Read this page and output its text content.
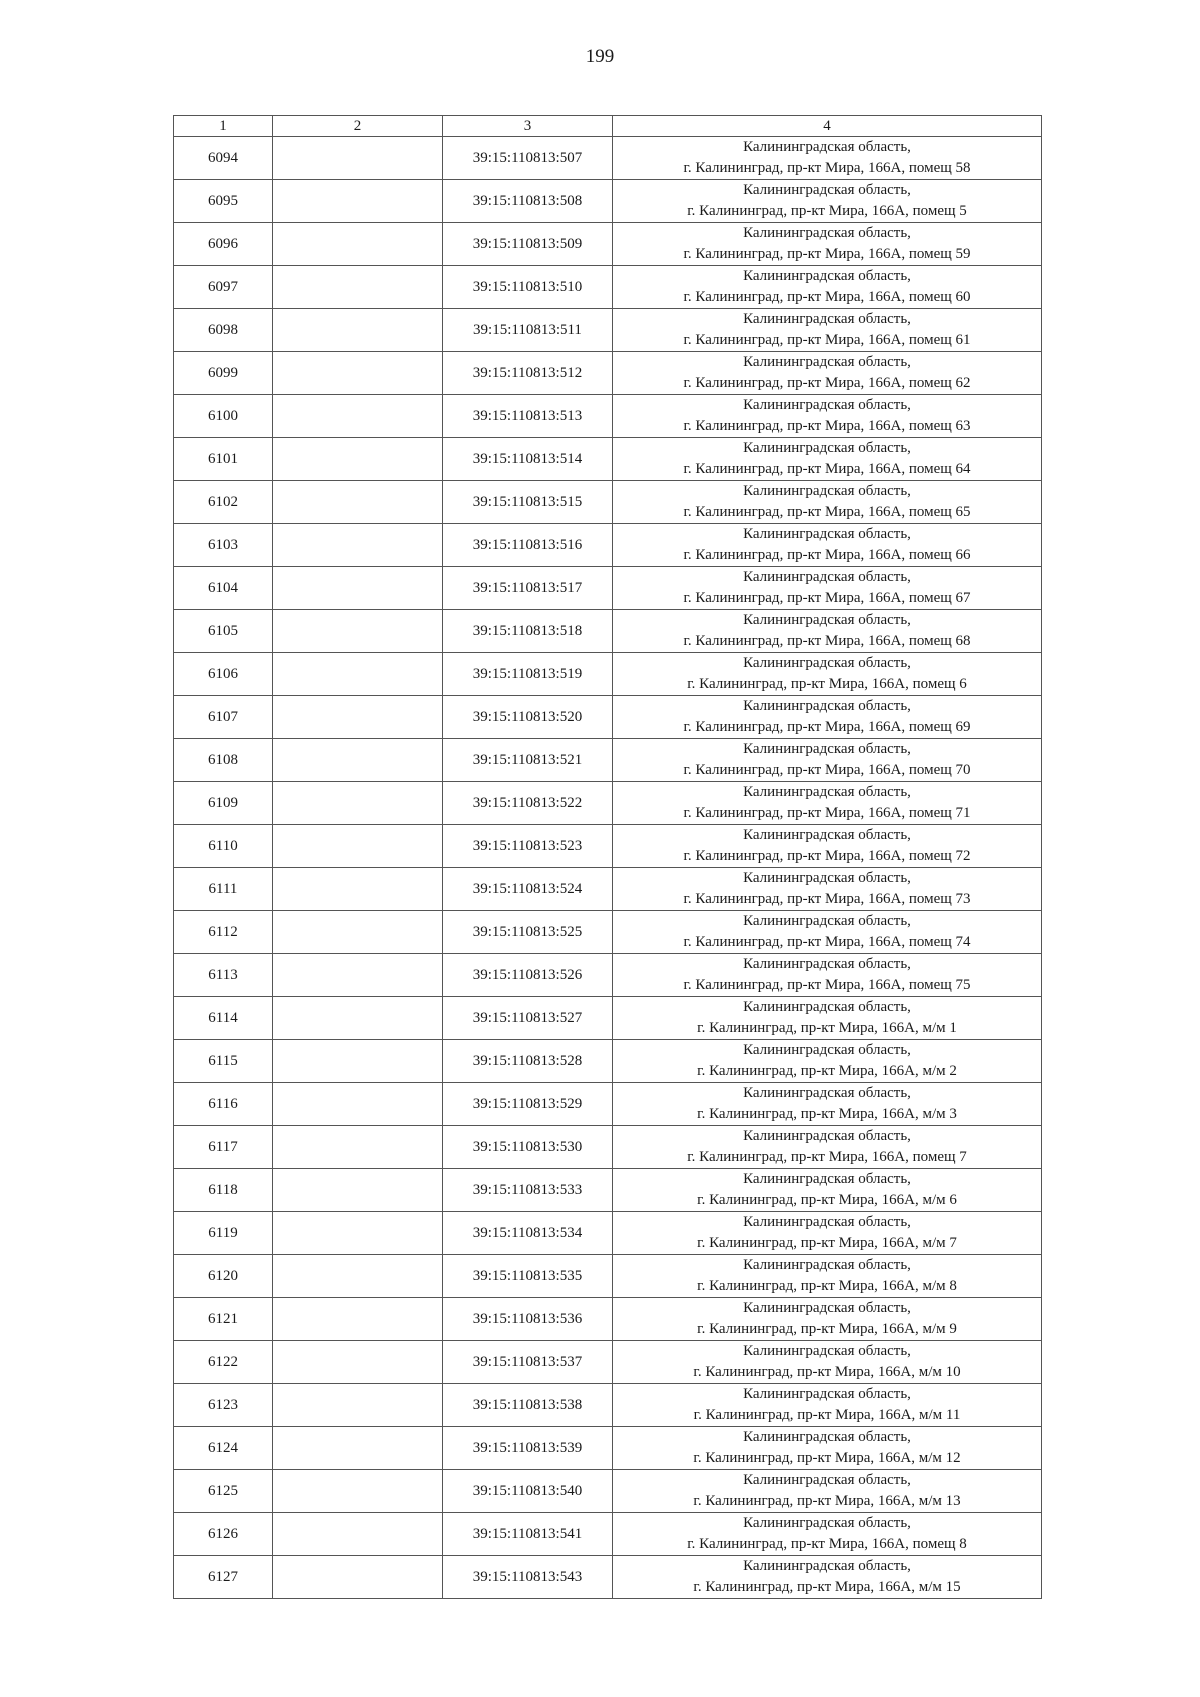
199
1	2	3	4
6094		39:15:110813:507	Калининградская область,
г. Калининград, пр-кт Мира, 166А, помещ 58

6095		39:15:110813:508	Калининградская область,
г. Калининград, пр-кт Мира, 166А, помещ 5

6096		39:15:110813:509	Калининградская область,
г. Калининград, пр-кт Мира, 166А, помещ 59

6097		39:15:110813:510	Калининградская область,
г. Калининград, пр-кт Мира, 166А, помещ 60

6098		39:15:110813:511	Калининградская область,
г. Калининград, пр-кт Мира, 166А, помещ 61

6099		39:15:110813:512	Калининградская область,
г. Калининград, пр-кт Мира, 166А, помещ 62

6100		39:15:110813:513	Калининградская область,
г. Калининград, пр-кт Мира, 166А, помещ 63

6101		39:15:110813:514	Калининградская область,
г. Калининград, пр-кт Мира, 166А, помещ 64

6102		39:15:110813:515	Калининградская область,
г. Калининград, пр-кт Мира, 166А, помещ 65

6103		39:15:110813:516	Калининградская область,
г. Калининград, пр-кт Мира, 166А, помещ 66

6104		39:15:110813:517	Калининградская область,
г. Калининград, пр-кт Мира, 166А, помещ 67

6105		39:15:110813:518	Калининградская область,
г. Калининград, пр-кт Мира, 166А, помещ 68

6106		39:15:110813:519	Калининградская область,
г. Калининград, пр-кт Мира, 166А, помещ 6

6107		39:15:110813:520	Калининградская область,
г. Калининград, пр-кт Мира, 166А, помещ 69

6108		39:15:110813:521	Калининградская область,
г. Калининград, пр-кт Мира, 166А, помещ 70

6109		39:15:110813:522	Калининградская область,
г. Калининград, пр-кт Мира, 166А, помещ 71

6110		39:15:110813:523	Калининградская область,
г. Калининград, пр-кт Мира, 166А, помещ 72

6111		39:15:110813:524	Калининградская область,
г. Калининград, пр-кт Мира, 166А, помещ 73

6112		39:15:110813:525	Калининградская область,
г. Калининград, пр-кт Мира, 166А, помещ 74

6113		39:15:110813:526	Калининградская область,
г. Калининград, пр-кт Мира, 166А, помещ 75

6114		39:15:110813:527	Калининградская область,
г. Калининград, пр-кт Мира, 166А, м/м 1

6115		39:15:110813:528	Калининградская область,
г. Калининград, пр-кт Мира, 166А, м/м 2

6116		39:15:110813:529	Калининградская область,
г. Калининград, пр-кт Мира, 166А, м/м 3

6117		39:15:110813:530	Калининградская область,
г. Калининград, пр-кт Мира, 166А, помещ 7

6118		39:15:110813:533	Калининградская область,
г. Калининград, пр-кт Мира, 166А, м/м 6

6119		39:15:110813:534	Калининградская область,
г. Калининград, пр-кт Мира, 166А, м/м 7

6120		39:15:110813:535	Калининградская область,
г. Калининград, пр-кт Мира, 166А, м/м 8

6121		39:15:110813:536	Калининградская область,
г. Калининград, пр-кт Мира, 166А, м/м 9

6122		39:15:110813:537	Калининградская область,
г. Калининград, пр-кт Мира, 166А, м/м 10

6123		39:15:110813:538	Калининградская область,
г. Калининград, пр-кт Мира, 166А, м/м 11

6124		39:15:110813:539	Калининградская область,
г. Калининград, пр-кт Мира, 166А, м/м 12

6125		39:15:110813:540	Калининградская область,
г. Калининград, пр-кт Мира, 166А, м/м 13

6126		39:15:110813:541	Калининградская область,
г. Калининград, пр-кт Мира, 166А, помещ 8

6127		39:15:110813:543	Калининградская область,
г. Калининград, пр-кт Мира, 166А, м/м 15
